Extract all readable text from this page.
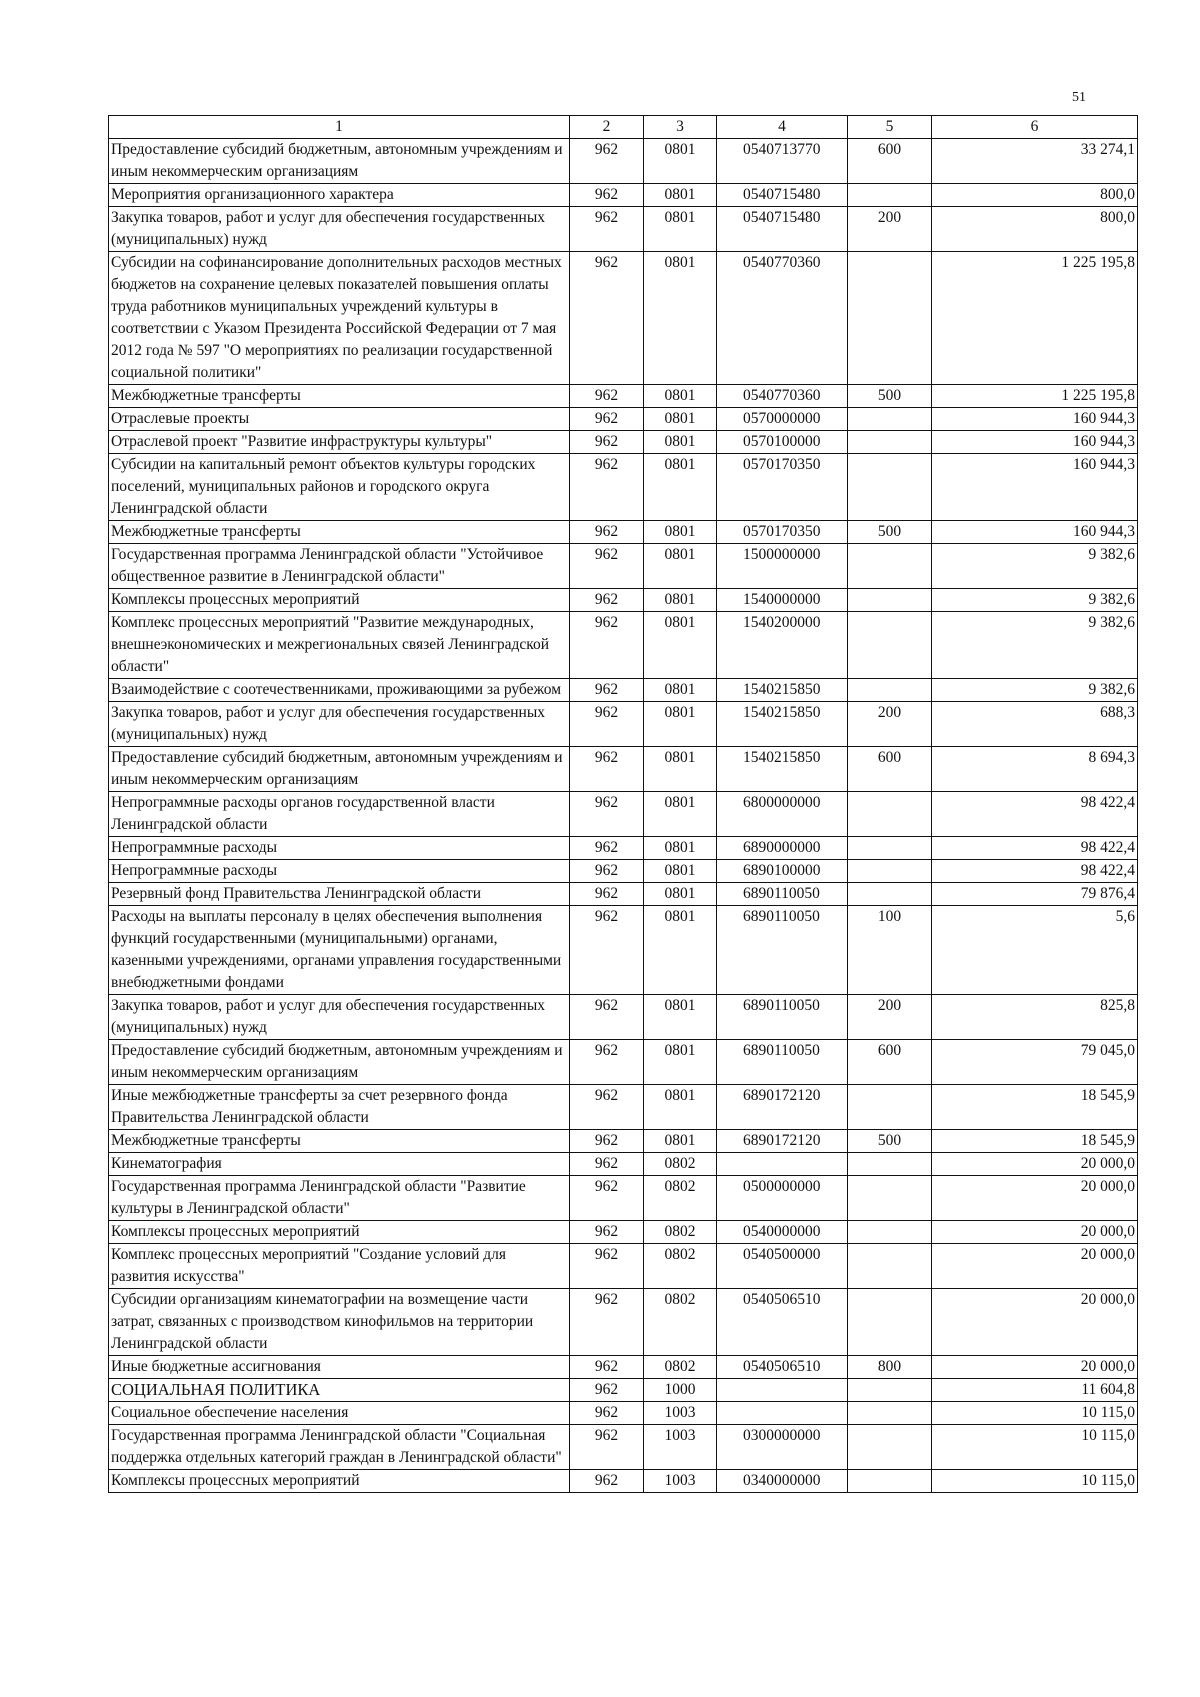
51
1	2	3	4	5	6
Предоставление субсидий бюджетным, автономным учреждениям и иным некоммерческим организациям	962	0801	0540713770	600	33 274,1
Мероприятия организационного характера	962	0801	0540715480		800,0
Закупка товаров, работ и услуг для обеспечения государственных (муниципальных) нужд	962	0801	0540715480	200	800,0
Субсидии на софинансирование дополнительных расходов местных бюджетов на сохранение целевых показателей повышения оплаты труда работников муниципальных учреждений культуры в соответствии с Указом Президента Российской Федерации от 7 мая 2012 года № 597 "О мероприятиях по реализации государственной социальной политики"	962	0801	0540770360		1 225 195,8
Межбюджетные трансферты	962	0801	0540770360	500	1 225 195,8
Отраслевые проекты	962	0801	0570000000		160 944,3
Отраслевой проект "Развитие инфраструктуры культуры"	962	0801	0570100000		160 944,3
Субсидии на капитальный ремонт объектов культуры городских поселений, муниципальных районов и городского округа Ленинградской области	962	0801	0570170350		160 944,3
Межбюджетные трансферты	962	0801	0570170350	500	160 944,3
Государственная программа Ленинградской области "Устойчивое общественное развитие в Ленинградской области"	962	0801	1500000000		9 382,6
Комплексы процессных мероприятий	962	0801	1540000000		9 382,6
Комплекс процессных мероприятий "Развитие международных, внешнеэкономических и межрегиональных связей Ленинградской области"	962	0801	1540200000		9 382,6
Взаимодействие с соотечественниками, проживающими за рубежом	962	0801	1540215850		9 382,6
Закупка товаров, работ и услуг для обеспечения государственных (муниципальных) нужд	962	0801	1540215850	200	688,3
Предоставление субсидий бюджетным, автономным учреждениям и иным некоммерческим организациям	962	0801	1540215850	600	8 694,3
Непрограммные расходы органов государственной власти Ленинградской области	962	0801	6800000000		98 422,4
Непрограммные расходы	962	0801	6890000000		98 422,4
Непрограммные расходы	962	0801	6890100000		98 422,4
Резервный фонд Правительства Ленинградской области	962	0801	6890110050		79 876,4
Расходы на выплаты персоналу в целях обеспечения выполнения функций государственными (муниципальными) органами, казенными учреждениями, органами управления государственными внебюджетными фондами	962	0801	6890110050	100	5,6
Закупка товаров, работ и услуг для обеспечения государственных (муниципальных) нужд	962	0801	6890110050	200	825,8
Предоставление субсидий бюджетным, автономным учреждениям и иным некоммерческим организациям	962	0801	6890110050	600	79 045,0
Иные межбюджетные трансферты за счет резервного фонда Правительства Ленинградской области	962	0801	6890172120		18 545,9
Межбюджетные трансферты	962	0801	6890172120	500	18 545,9
Кинематография	962	0802			20 000,0
Государственная программа Ленинградской области "Развитие культуры в Ленинградской области"	962	0802	0500000000		20 000,0
Комплексы процессных мероприятий	962	0802	0540000000		20 000,0
Комплекс процессных мероприятий "Создание условий для развития искусства"	962	0802	0540500000		20 000,0
Субсидии организациям кинематографии на возмещение части затрат, связанных с производством кинофильмов на территории Ленинградской области	962	0802	0540506510		20 000,0
Иные бюджетные ассигнования	962	0802	0540506510	800	20 000,0
СОЦИАЛЬНАЯ ПОЛИТИКА	962	1000			11 604,8
Социальное обеспечение населения	962	1003			10 115,0
Государственная программа Ленинградской области "Социальная поддержка отдельных категорий граждан в Ленинградской области"	962	1003	0300000000		10 115,0
Комплексы процессных мероприятий	962	1003	0340000000		10 115,0
